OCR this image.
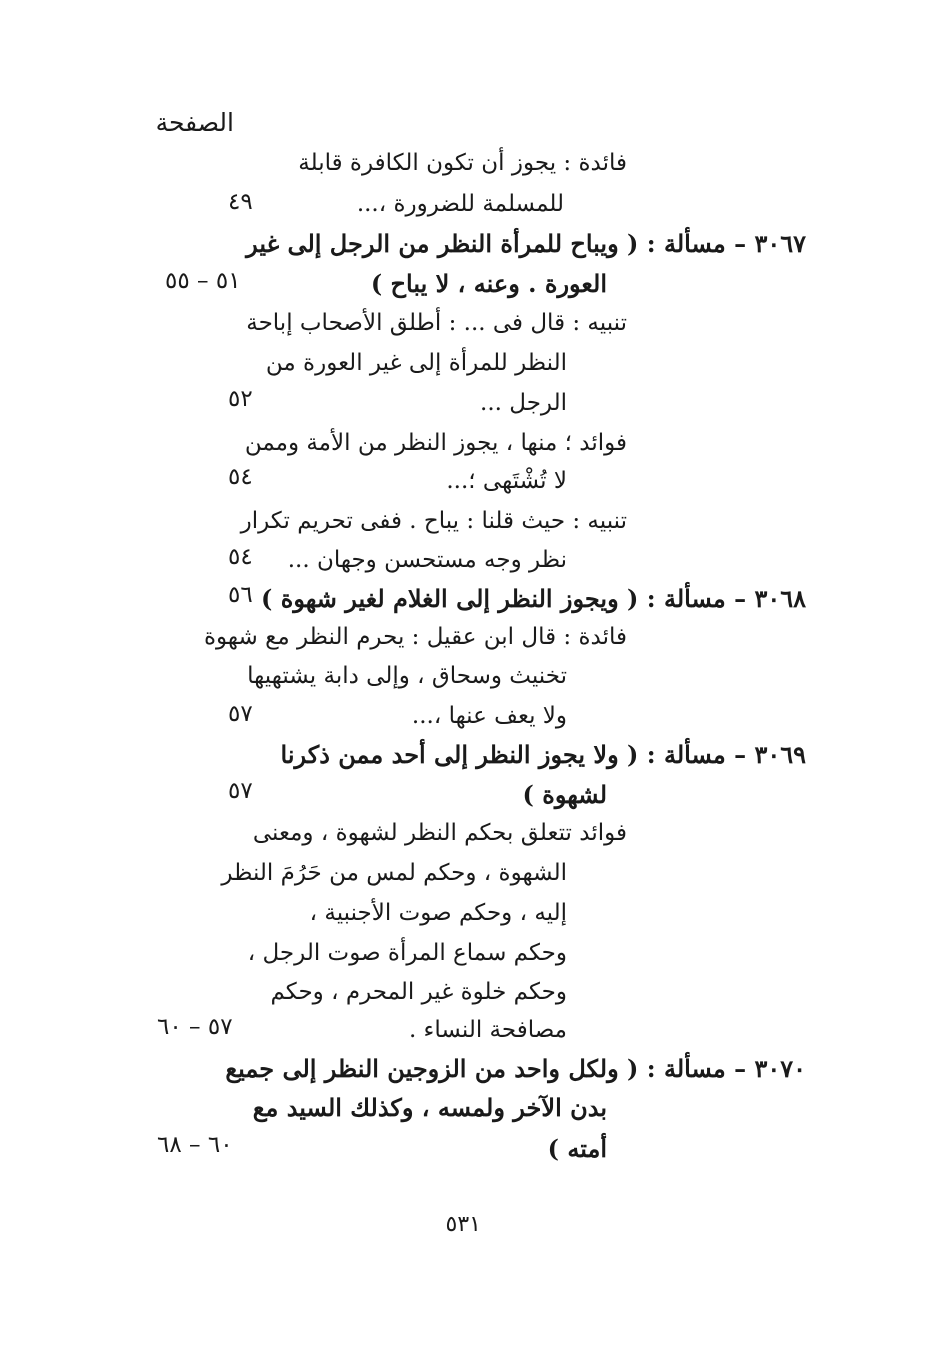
الصفحة
فائدة : يجوز أن تكون الكافرة قابلة
للمسلمة للضرورة ،...
٤٩
٣٠٦٧ – مسألة : ( ويباح للمرأة النظر من الرجل إلى غير
العورة . وعنه ، لا يباح )
٥١ – ٥٥
تنبيه : قال فى ... : أطلق الأصحاب إباحة
النظر للمرأة إلى غير العورة من
الرجل ...
٥٢
فوائد ؛ منها ، يجوز النظر من الأمة وممن
لا تُشْتَهى ؛...
٥٤
تنبيه : حيث قلنا : يباح . ففى تحريم تكرار
نظر وجه مستحسن وجهان ...
٥٤
٣٠٦٨ – مسألة : ( ويجوز النظر إلى الغلام لغير شهوة )
٥٦
فائدة : قال ابن عقيل : يحرم النظر مع شهوة
تخنيث وسحاق ، وإلى دابة يشتهيها
ولا يعف عنها ،...
٥٧
٣٠٦٩ – مسألة : ( ولا يجوز النظر إلى أحد ممن ذكرنا
لشهوة )
٥٧
فوائد تتعلق بحكم النظر لشهوة ، ومعنى
الشهوة ، وحكم لمس من حَرُمَ النظر
إليه ، وحكم صوت الأجنبية ،
وحكم سماع المرأة صوت الرجل ،
وحكم خلوة غير المحرم ، وحكم
مصافحة النساء .
٥٧ – ٦٠
٣٠٧٠ – مسألة : ( ولكل واحد من الزوجين النظر إلى جميع
بدن الآخر ولمسه ، وكذلك السيد مع
أمته )
٦٠ – ٦٨
٥٣١
